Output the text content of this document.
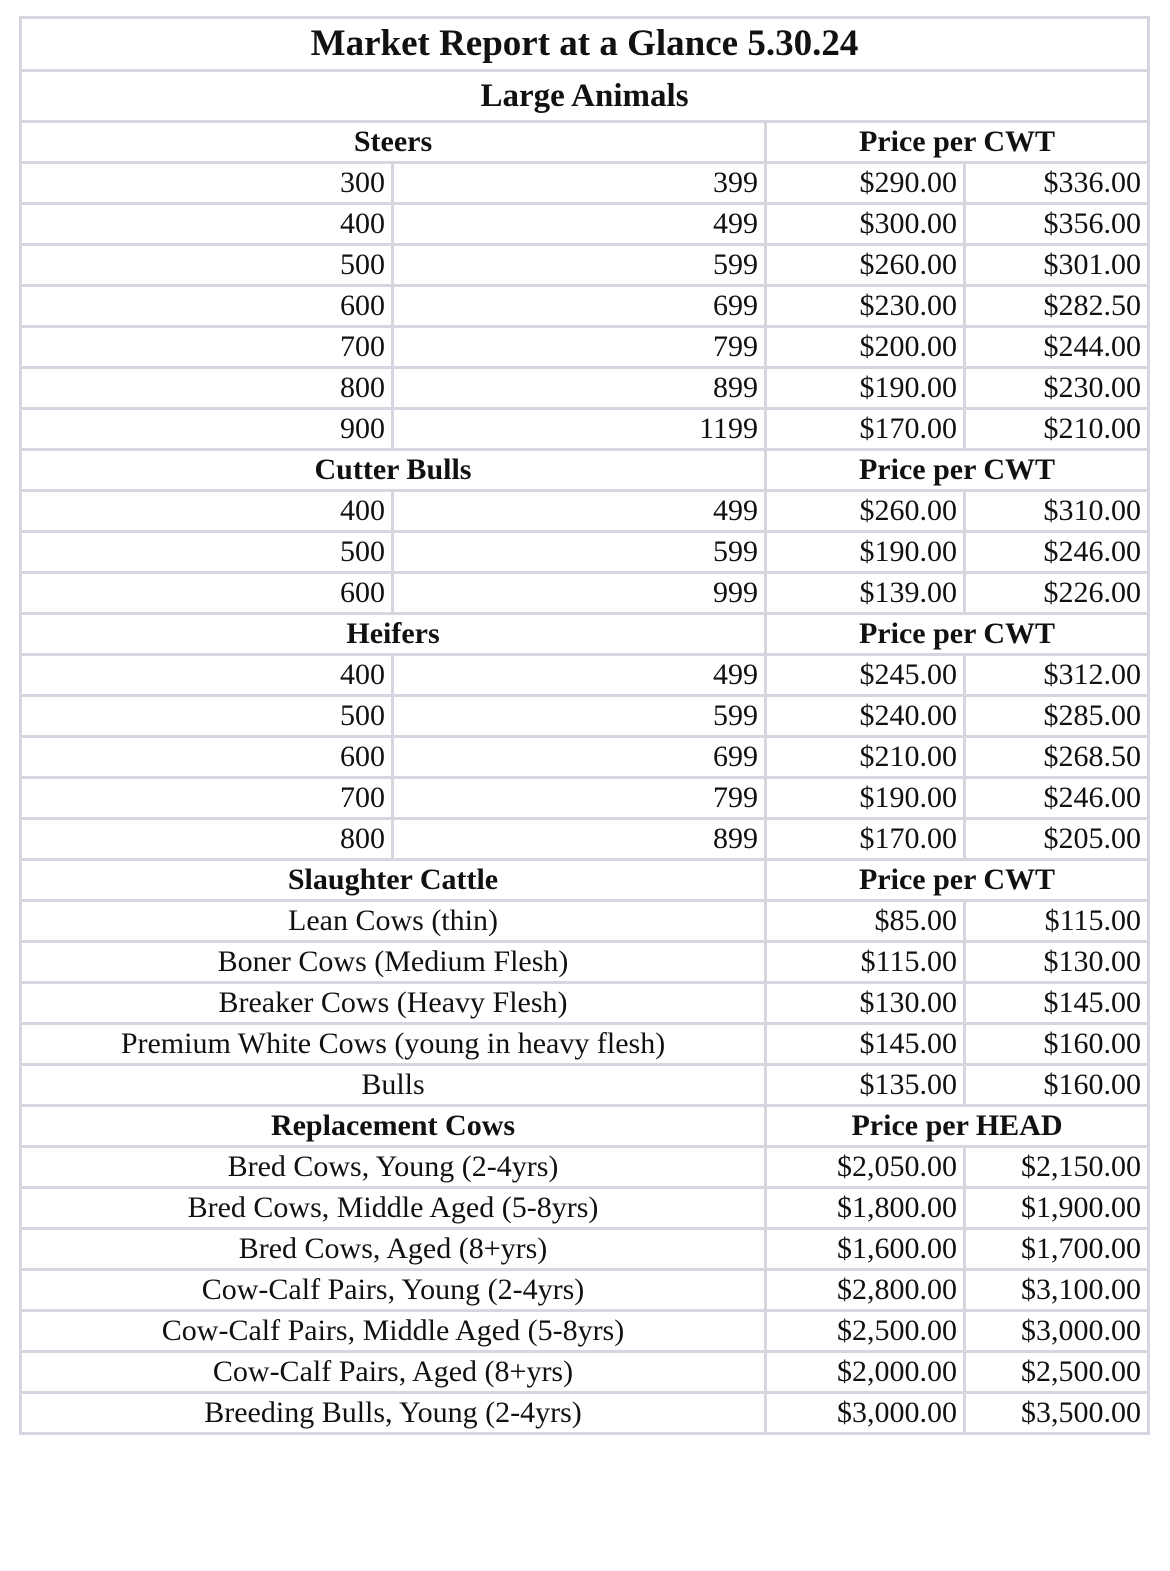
Market Report at a Glance 5.30.24			
Large Animals			
Steers		Price per CWT	
300	399	$290.00	$336.00
400	499	$300.00	$356.00
500	599	$260.00	$301.00
600	699	$230.00	$282.50
700	799	$200.00	$244.00
800	899	$190.00	$230.00
900	1199	$170.00	$210.00
Cutter Bulls		Price per CWT	
400	499	$260.00	$310.00
500	599	$190.00	$246.00
600	999	$139.00	$226.00
Heifers		Price per CWT	
400	499	$245.00	$312.00
500	599	$240.00	$285.00
600	699	$210.00	$268.50
700	799	$190.00	$246.00
800	899	$170.00	$205.00
Slaughter Cattle		Price per CWT	
Lean Cows (thin)		$85.00	$115.00
Boner Cows (Medium Flesh)		$115.00	$130.00
Breaker Cows (Heavy Flesh)		$130.00	$145.00
Premium White Cows (young in heavy flesh)		$145.00	$160.00
Bulls		$135.00	$160.00
Replacement Cows		Price per HEAD	
Bred Cows, Young (2-4yrs)		$2,050.00	$2,150.00
Bred Cows, Middle Aged (5-8yrs)		$1,800.00	$1,900.00
Bred Cows, Aged (8+yrs)		$1,600.00	$1,700.00
Cow-Calf Pairs, Young (2-4yrs)		$2,800.00	$3,100.00
Cow-Calf Pairs, Middle Aged (5-8yrs)		$2,500.00	$3,000.00
Cow-Calf Pairs, Aged (8+yrs)		$2,000.00	$2,500.00
Breeding Bulls, Young (2-4yrs)		$3,000.00	$3,500.00
